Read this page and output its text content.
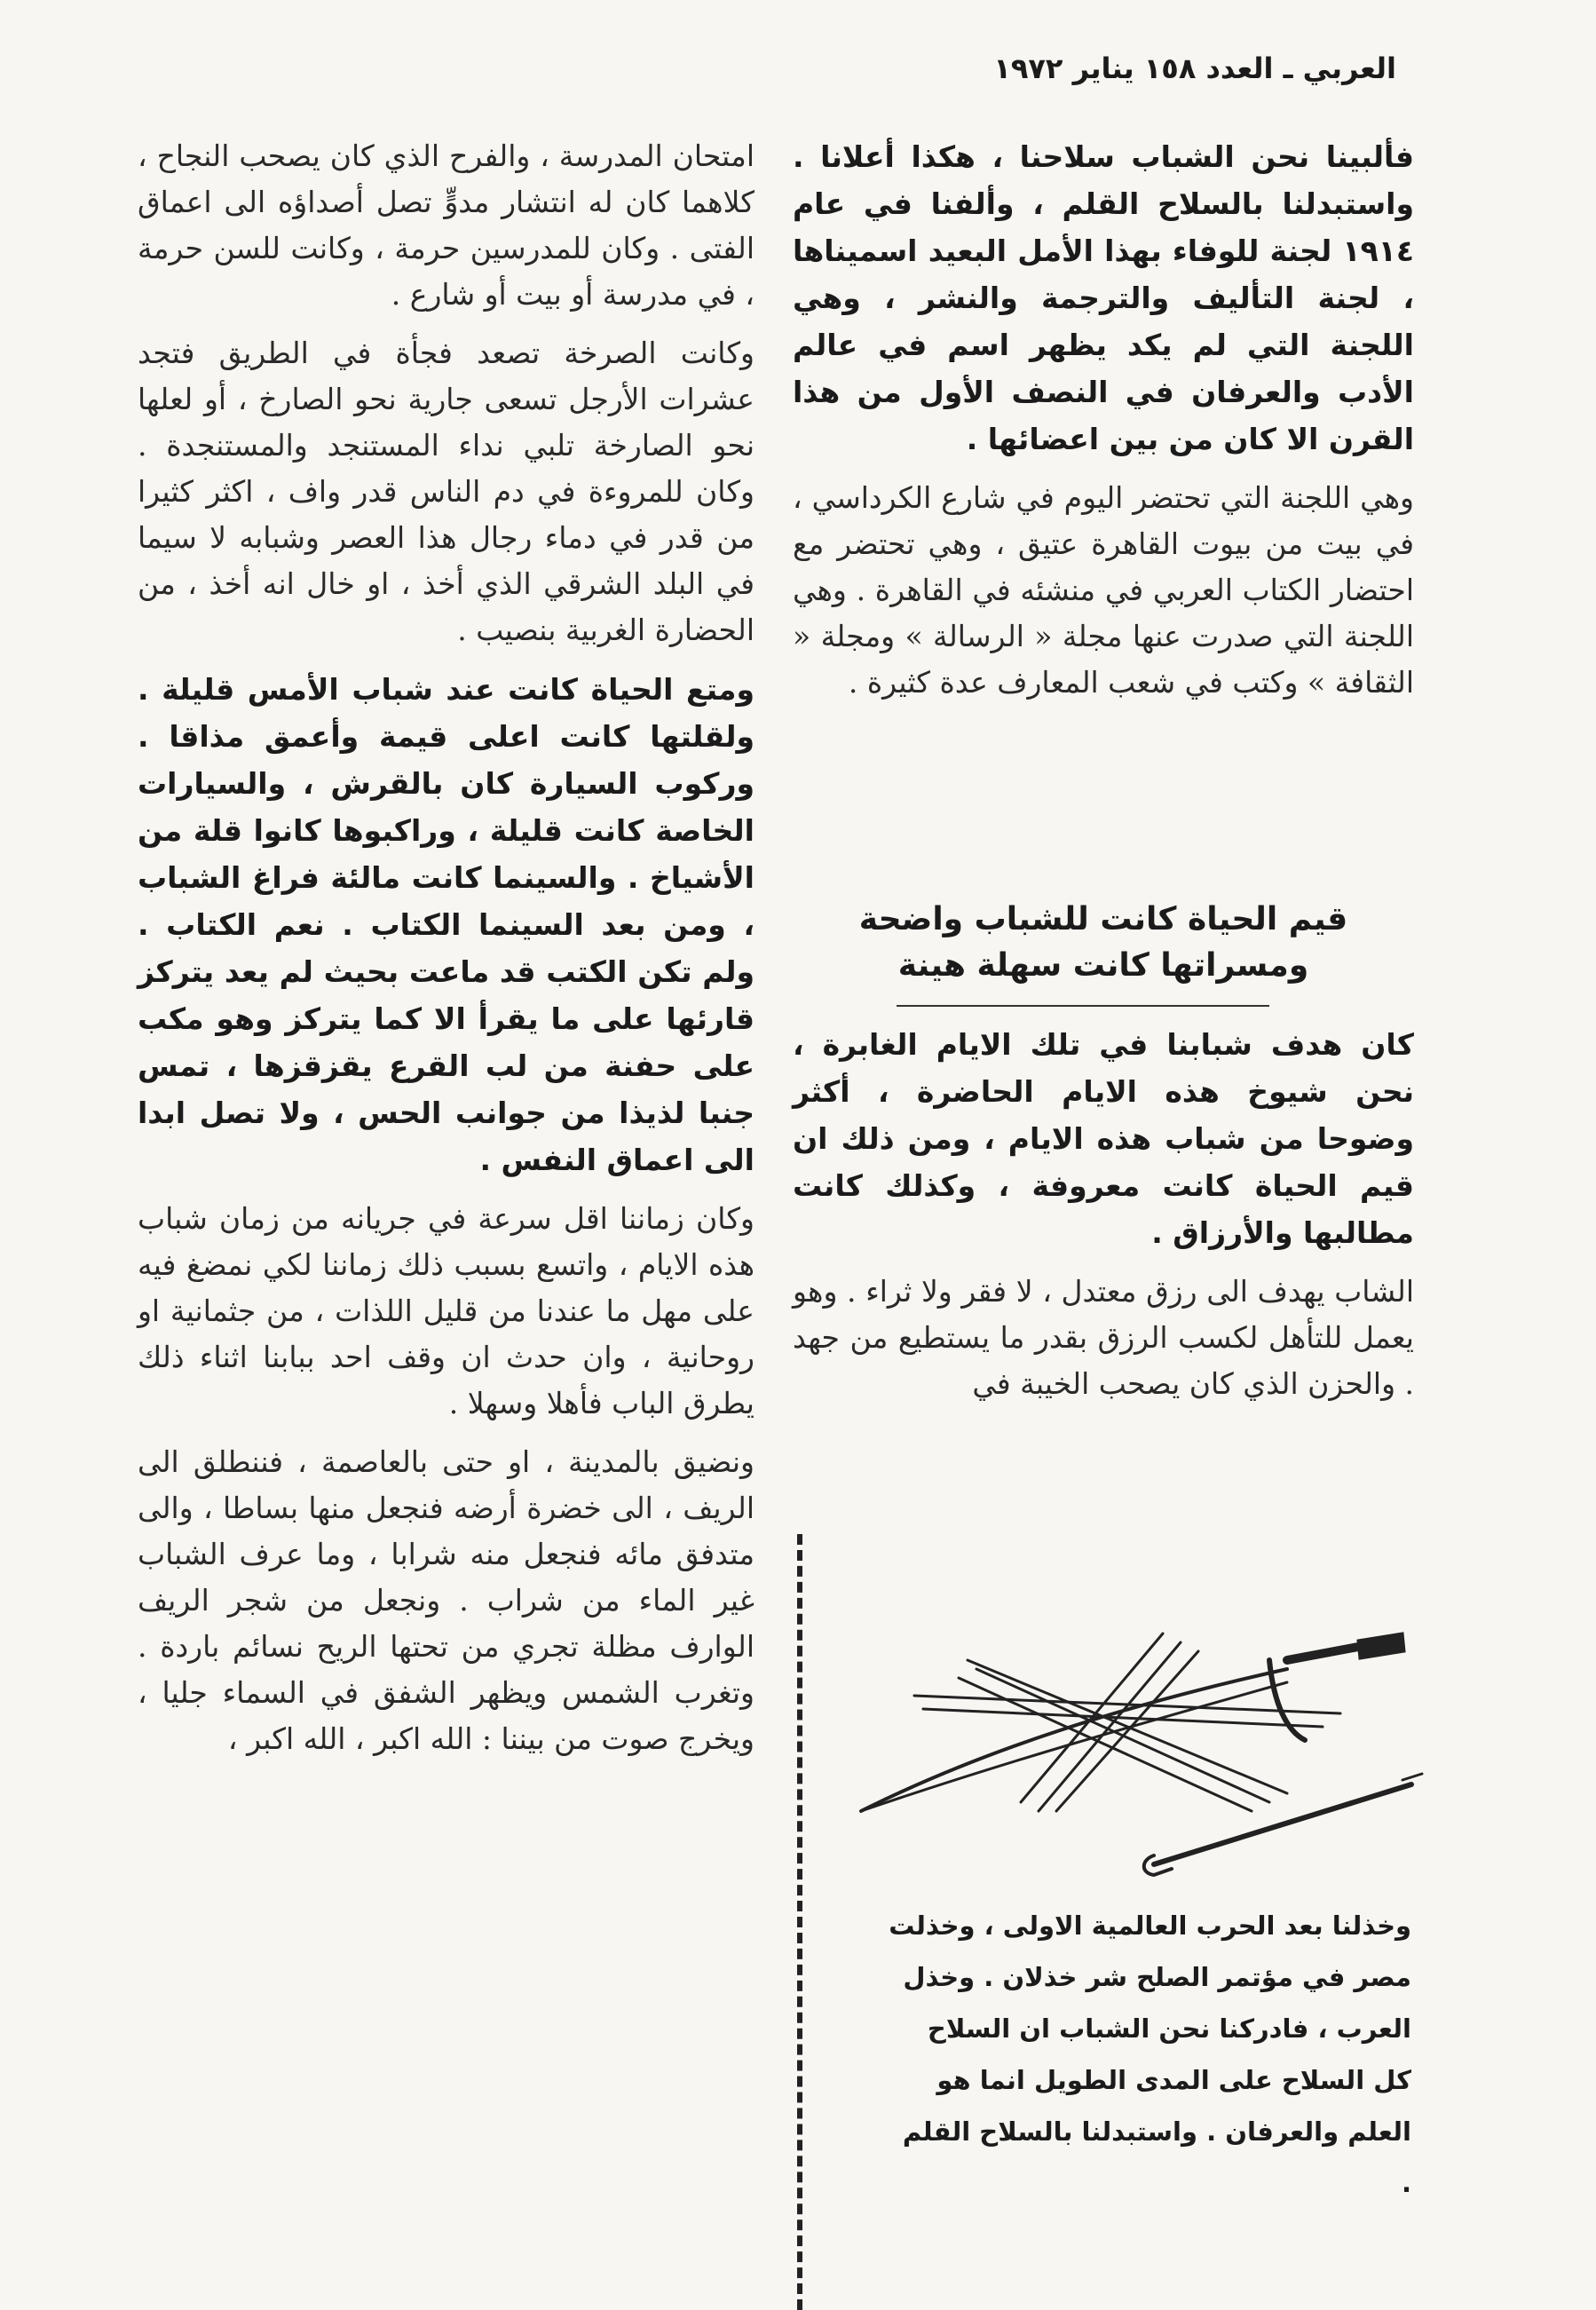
العربي ـ العدد ١٥٨ يناير ١٩٧٢

فألبينا نحن الشباب سلاحنا ، هكذا أعلانا . واستبدلنا بالسلاح القلم ، وألفنا في عام ١٩١٤ لجنة للوفاء بهذا الأمل البعيد اسميناها ، لجنة التأليف والترجمة والنشر ، وهي اللجنة التي لم يكد يظهر اسم في عالم الأدب والعرفان في النصف الأول من هذا القرن الا كان من بين اعضائها .

وهي اللجنة التي تحتضر اليوم في شارع الكرداسي ، في بيت من بيوت القاهرة عتيق ، وهي تحتضر مع احتضار الكتاب العربي في منشئه في القاهرة . وهي اللجنة التي صدرت عنها مجلة « الرسالة » ومجلة « الثقافة » وكتب في شعب المعارف عدة كثيرة .

قيم الحياة كانت للشباب واضحة
ومسراتها كانت سهلة هينة

كان هدف شبابنا في تلك الايام الغابرة ، نحن شيوخ هذه الايام الحاضرة ، أكثر وضوحا من شباب هذه الايام ، ومن ذلك ان قيم الحياة كانت معروفة ، وكذلك كانت مطالبها والأرزاق .

الشاب يهدف الى رزق معتدل ، لا فقر ولا ثراء . وهو يعمل للتأهل لكسب الرزق بقدر ما يستطيع من جهد . والحزن الذي كان يصحب الخيبة في

امتحان المدرسة ، والفرح الذي كان يصحب النجاح ، كلاهما كان له انتشار مدوٍّ تصل أصداؤه الى اعماق الفتى . وكان للمدرسين حرمة ، وكانت للسن حرمة ، في مدرسة أو بيت أو شارع .

وكانت الصرخة تصعد فجأة في الطريق فتجد عشرات الأرجل تسعى جارية نحو الصارخ ، أو لعلها نحو الصارخة تلبي نداء المستنجد والمستنجدة . وكان للمروءة في دم الناس قدر واف ، اكثر كثيرا من قدر في دماء رجال هذا العصر وشبابه لا سيما في البلد الشرقي الذي أخذ ، او خال انه أخذ ، من الحضارة الغربية بنصيب .

ومتع الحياة كانت عند شباب الأمس قليلة . ولقلتها كانت اعلى قيمة وأعمق مذاقا . وركوب السيارة كان بالقرش ، والسيارات الخاصة كانت قليلة ، وراكبوها كانوا قلة من الأشياخ . والسينما كانت مالئة فراغ الشباب ، ومن بعد السينما الكتاب . نعم الكتاب . ولم تكن الكتب قد ماعت بحيث لم يعد يتركز قارئها على ما يقرأ الا كما يتركز وهو مكب على حفنة من لب القرع يقزقزها ، تمس جنبا لذيذا من جوانب الحس ، ولا تصل ابدا الى اعماق النفس .

وكان زماننا اقل سرعة في جريانه من زمان شباب هذه الايام ، واتسع بسبب ذلك زماننا لكي نمضغ فيه على مهل ما عندنا من قليل اللذات ، من جثمانية او روحانية ، وان حدث ان وقف احد ببابنا اثناء ذلك يطرق الباب فأهلا وسهلا .

ونضيق بالمدينة ، او حتى بالعاصمة ، فننطلق الى الريف ، الى خضرة أرضه فنجعل منها بساطا ، والى متدفق مائه فنجعل منه شرابا ، وما عرف الشباب غير الماء من شراب . ونجعل من شجر الريف الوارف مظلة تجري من تحتها الريح نسائم باردة . وتغرب الشمس ويظهر الشفق في السماء جليا ، ويخرج صوت من بيننا : الله اكبر ، الله اكبر ،

وخذلنا بعد الحرب العالمية الاولى ، وخذلت مصر في مؤتمر الصلح شر خذلان . وخذل العرب ، فادركنا نحن الشباب ان السلاح كل السلاح على المدى الطويل انما هو العلم والعرفان . واستبدلنا بالسلاح القلم .
